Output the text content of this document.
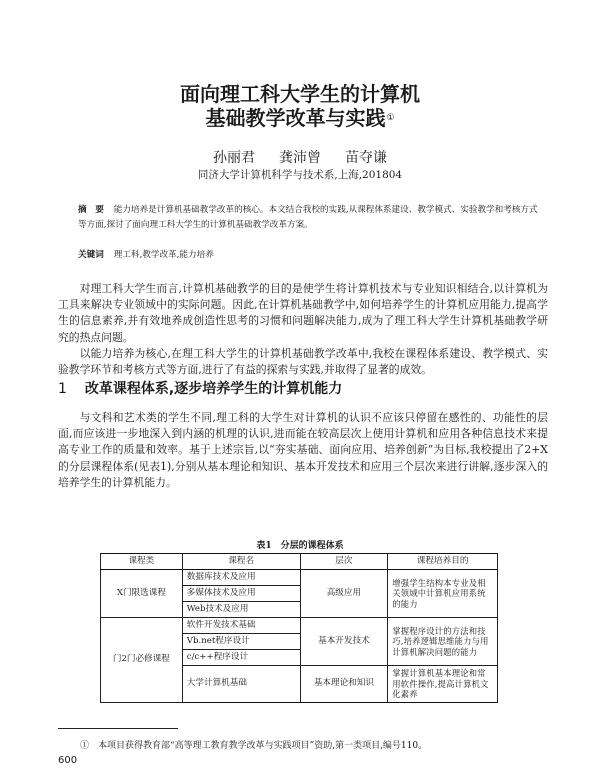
面向理工科大学生的计算机
基础教学改革与实践①
孙丽君 龚沛曾 苗夺谦
同济大学计算机科学与技术系,上海,201804
摘　要 能力培养是计算机基础教学改革的核心。本文结合我校的实践,从课程体系建设、教学模式、实验教学和考核方式等方面,探讨了面向理工科大学生的计算机基础教学改革方案。
关键词 理工科,教学改革,能力培养

对理工科大学生而言,计算机基础教学的目的是使学生将计算机技术与专业知识相结合,以计算机为工具来解决专业领域中的实际问题。因此,在计算机基础教学中,如何培养学生的计算机应用能力,提高学生的信息素养,并有效地养成创造性思考的习惯和问题解决能力,成为了理工科大学生计算机基础教学研究的热点问题。

以能力培养为核心,在理工科大学生的计算机基础教学改革中,我校在课程体系建设、教学模式、实验教学环节和考核方式等方面,进行了有益的探索与实践,并取得了显著的成效。

1 改革课程体系,逐步培养学生的计算机能力

与文科和艺术类的学生不同,理工科的大学生对计算机的认识不应该只停留在感性的、功能性的层面,而应该进一步地深入到内涵的机理的认识,进而能在较高层次上使用计算机和应用各种信息技术来提高专业工作的质量和效率。基于上述宗旨,以“夯实基础、面向应用、培养创新”为目标,我校提出了2+X的分层课程体系(见表1),分别从基本理论和知识、基本开发技术和应用三个层次来进行讲解,逐步深入的培养学生的计算机能力。

表1　分层的课程体系
课程类	课程名	层次	课程培养目的
X门限选课程	数据库技术及应用	高级应用	增强学生结构本专业及相关领域中计算机应用系统的能力
	多媒体技术及应用		
	Web技术及应用		
门2门必修课程	软件开发技术基础	基本开发技术	掌握程序设计的方法和技巧,培养逻辑思维能力与用计算机解决问题的能力
	Vb.net程序设计		
	c/c++程序设计		
	大学计算机基础	基本理论和知识	掌握计算机基本理论和常用软件操作,提高计算机文化素养
①　本项目获得教育部“高等理工教育教学改革与实践项目”资助,第一类项目,编号110。
600
